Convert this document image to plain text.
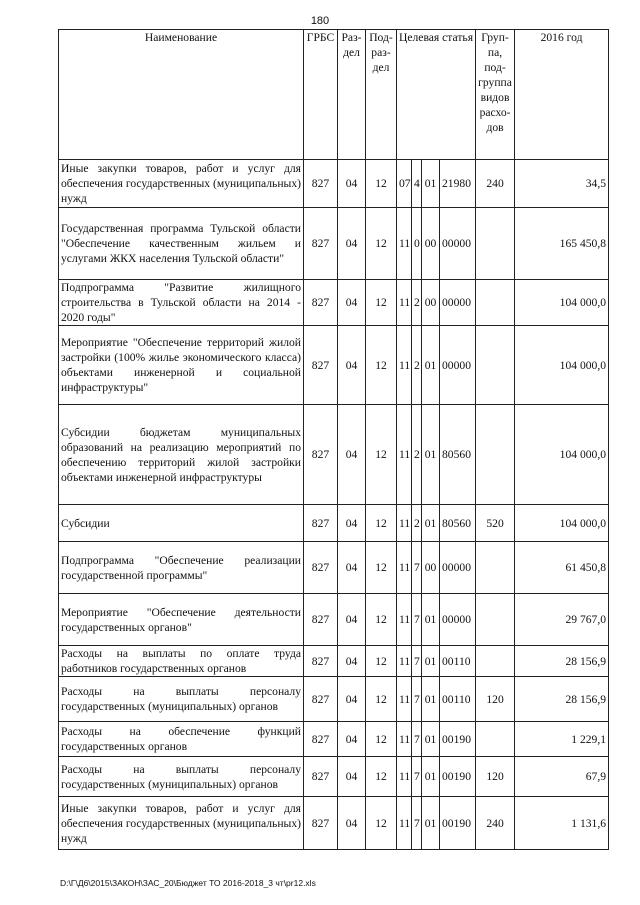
180
Наименование	ГРБС	Раз-дел	Под-раз-дел	Целевая статья				Груп-па, под-группа видов расхо-дов	2016 год
Иные закупки товаров, работ и услуг для обеспечения государственных (муниципальных) нужд	827	04	12	07	4	01	21980	240	34,5
Государственная программа Тульской области "Обеспечение качественным жильем и услугами ЖКХ населения Тульской области"	827	04	12	11	0	00	00000		165 450,8
Подпрограмма "Развитие жилищного строительства в Тульской области на 2014 - 2020 годы"	827	04	12	11	2	00	00000		104 000,0
Мероприятие "Обеспечение территорий жилой застройки (100% жилье экономического класса) объектами инженерной и социальной инфраструктуры"	827	04	12	11	2	01	00000		104 000,0
Субсидии бюджетам муниципальных образований на реализацию мероприятий по обеспечению территорий жилой застройки объектами инженерной инфраструктуры	827	04	12	11	2	01	80560		104 000,0
Субсидии	827	04	12	11	2	01	80560	520	104 000,0
Подпрограмма "Обеспечение реализации государственной программы"	827	04	12	11	7	00	00000		61 450,8
Мероприятие "Обеспечение деятельности государственных органов"	827	04	12	11	7	01	00000		29 767,0
Расходы на выплаты по оплате труда работников государственных органов	827	04	12	11	7	01	00110		28 156,9
Расходы на выплаты персоналу государственных (муниципальных) органов	827	04	12	11	7	01	00110	120	28 156,9
Расходы на обеспечение функций государственных органов	827	04	12	11	7	01	00190		1 229,1
Расходы на выплаты персоналу государственных (муниципальных) органов	827	04	12	11	7	01	00190	120	67,9
Иные закупки товаров, работ и услуг для обеспечения государственных (муниципальных) нужд	827	04	12	11	7	01	00190	240	1 131,6
D:\Г\Д6\2015\ЗАКОН\ЗАС_20\Бюджет ТО 2016-2018_3 чт\pr12.xls
